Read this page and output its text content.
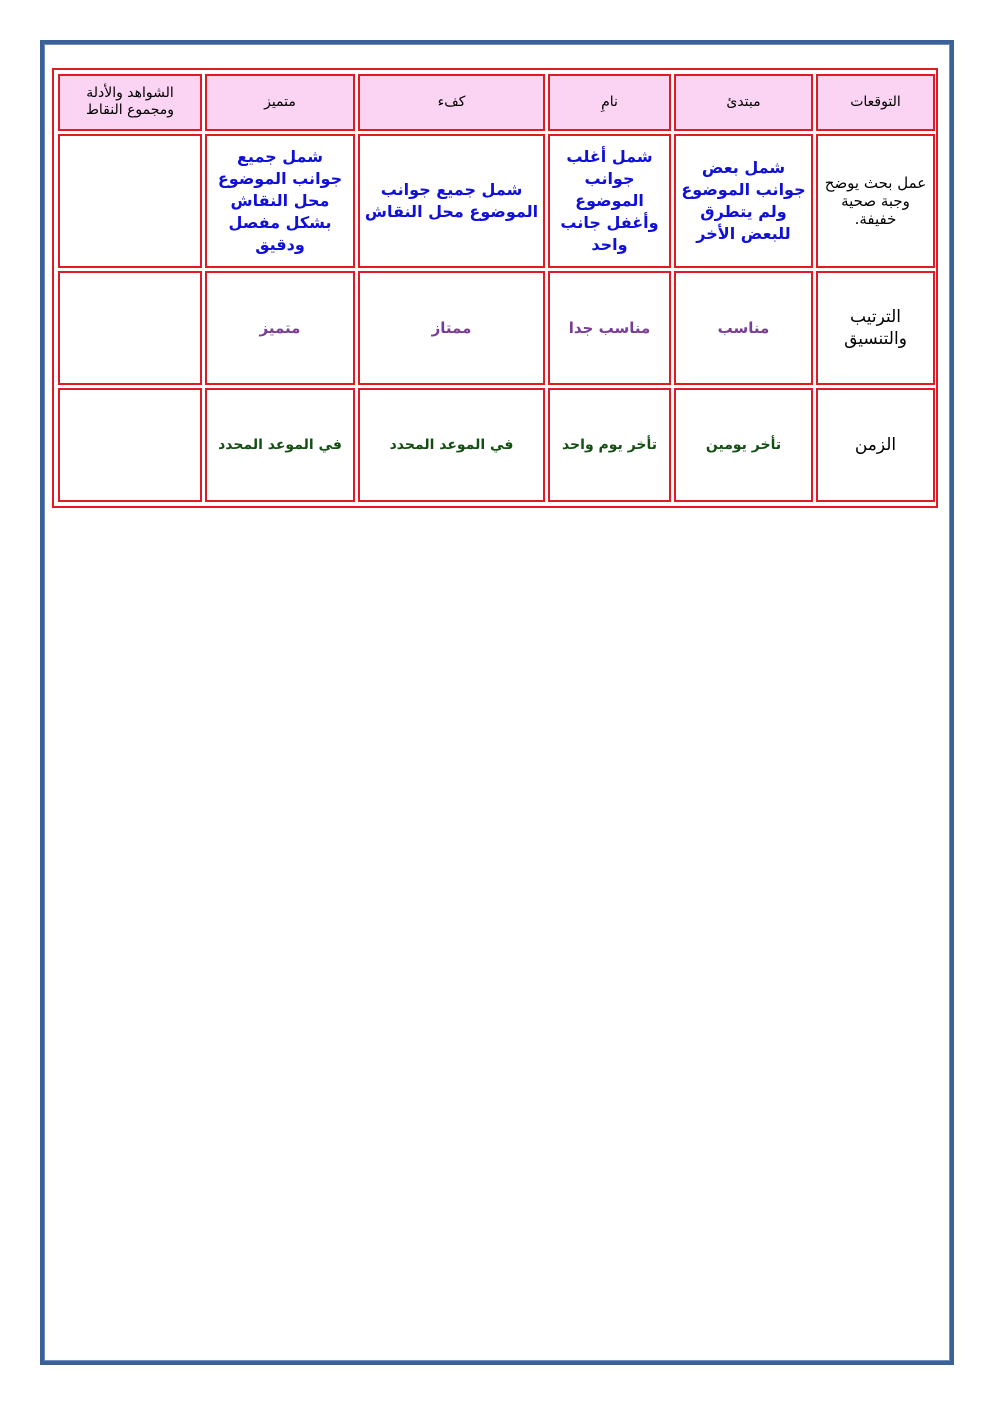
التوقعات	مبتدئ	نامِ	كفء	متميز	الشواهد والأدلة ومجموع النقاط
عمل بحث يوضح وجبة صحية خفيفة.	شمل بعض جوانب الموضوع ولم يتطرق للبعض الأخر	شمل أغلب جوانب الموضوع وأغفل جانب واحد	شمل جميع جوانب الموضوع محل النقاش	شمل جميع جوانب الموضوع محل النقاش بشكل مفصل ودقيق	
الترتيب والتنسيق	مناسب	مناسب جدا	ممتاز	متميز	
الزمن	تأخر يومين	تأخر يوم واحد	في الموعد المحدد	في الموعد المحدد	
